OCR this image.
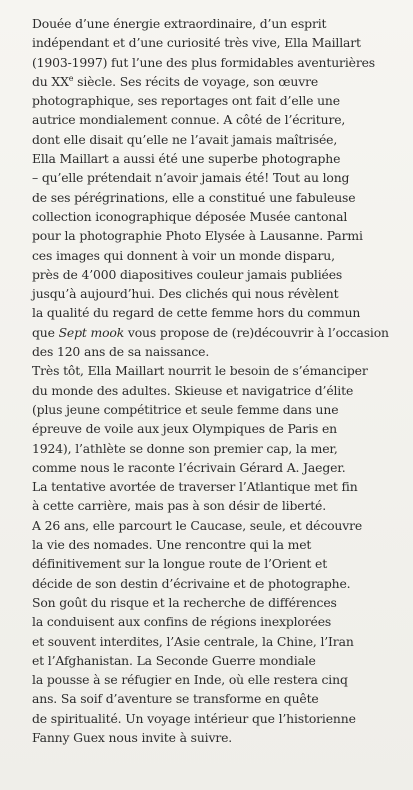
Douée d’une énergie extraordinaire, d’un esprit
indépendant et d’une curiosité très vive, Ella Maillart
(1903-1997) fut l’une des plus formidables aventurières
du XXe siècle. Ses récits de voyage, son œuvre
photographique, ses reportages ont fait d’elle une
autrice mondialement connue. A côté de l’écriture,
dont elle disait qu’elle ne l’avait jamais maîtrisée,
Ella Maillart a aussi été une superbe photographe
– qu’elle prétendait n’avoir jamais été! Tout au long
de ses pérégrinations, elle a constitué une fabuleuse
collection iconographique déposée Musée cantonal
pour la photographie Photo Elysée à Lausanne. Parmi
ces images qui donnent à voir un monde disparu,
près de 4’000 diapositives couleur jamais publiées
jusqu’à aujourd’hui. Des clichés qui nous révèlent
la qualité du regard de cette femme hors du commun
que Sept mook vous propose de (re)découvrir à l’occasion
des 120 ans de sa naissance.
Très tôt, Ella Maillart nourrit le besoin de s’émanciper
du monde des adultes. Skieuse et navigatrice d’élite
(plus jeune compétitrice et seule femme dans une
épreuve de voile aux jeux Olympiques de Paris en
1924), l’athlète se donne son premier cap, la mer,
comme nous le raconte l’écrivain Gérard A. Jaeger.
La tentative avortée de traverser l’Atlantique met fin
à cette carrière, mais pas à son désir de liberté.
A 26 ans, elle parcourt le Caucase, seule, et découvre
la vie des nomades. Une rencontre qui la met
définitivement sur la longue route de l’Orient et
décide de son destin d’écrivaine et de photographe.
Son goût du risque et la recherche de différences
la conduisent aux confins de régions inexplorées
et souvent interdites, l’Asie centrale, la Chine, l’Iran
et l’Afghanistan. La Seconde Guerre mondiale
la pousse à se réfugier en Inde, où elle restera cinq
ans. Sa soif d’aventure se transforme en quête
de spiritualité. Un voyage intérieur que l’historienne
Fanny Guex nous invite à suivre.
